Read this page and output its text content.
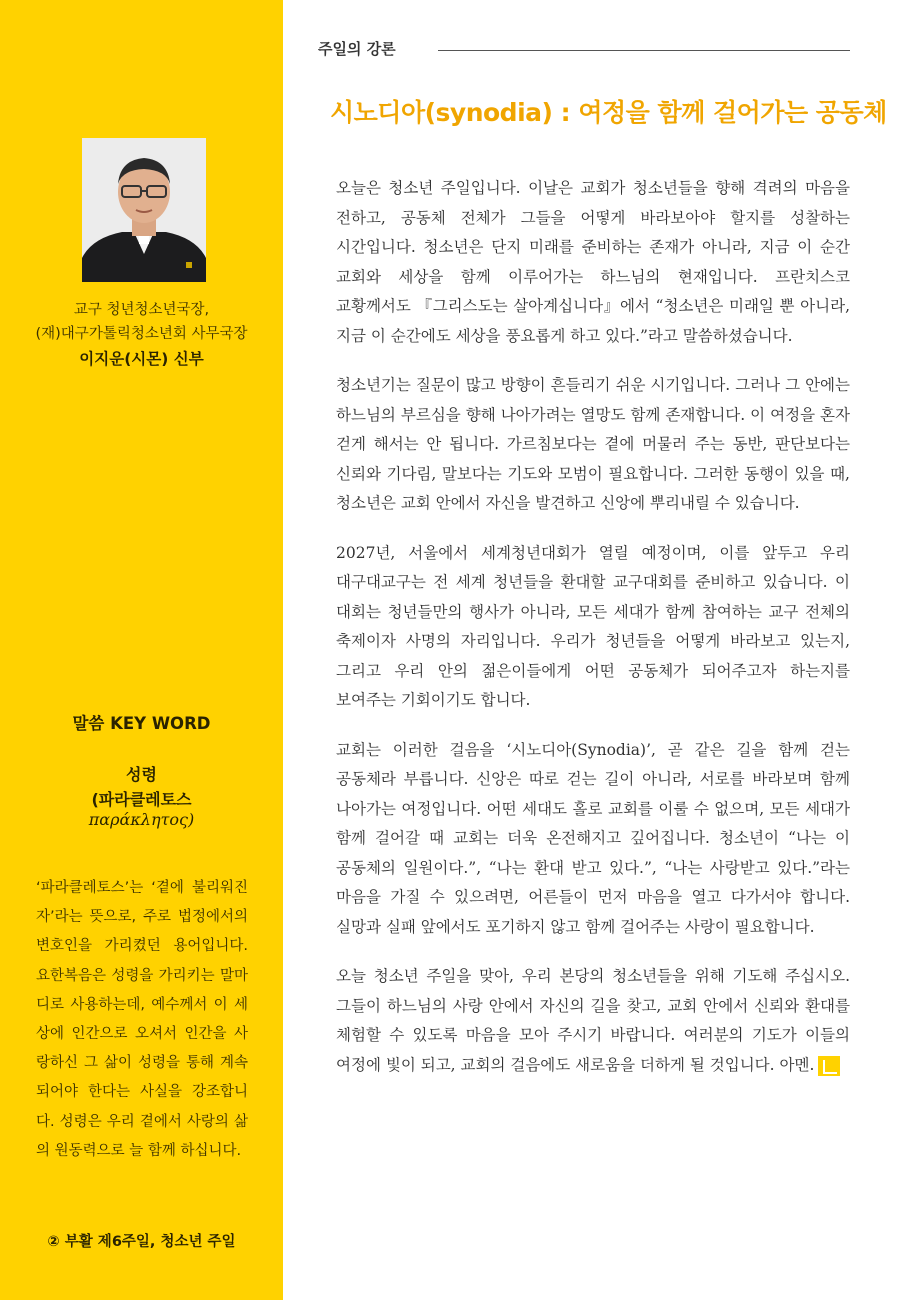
교구 청년청소년국장,
(재)대구가톨릭청소년회 사무국장
이지운(시몬) 신부
말씀 KEY WORD
성령
(파라클레토스
παράκλητος)
‘파라클레토스’는 ‘곁에 불리워진 자’라는 뜻으로, 주로 법정에서의 변호인을 가리켰던 용어입니다. 요한복음은 성령을 가리키는 말마디로 사용하는데, 예수께서 이 세상에 인간으로 오셔서 인간을 사랑하신 그 삶이 성령을 통해 계속되어야 한다는 사실을 강조합니다. 성령은 우리 곁에서 사랑의 삶의 원동력으로 늘 함께 하십니다.
② 부활 제6주일, 청소년 주일
주일의 강론
시노디아(synodia) : 여정을 함께 걸어가는 공동체

오늘은 청소년 주일입니다. 이날은 교회가 청소년들을 향해 격려의 마음을 전하고, 공동체 전체가 그들을 어떻게 바라보아야 할지를 성찰하는 시간입니다. 청소년은 단지 미래를 준비하는 존재가 아니라, 지금 이 순간 교회와 세상을 함께 이루어가는 하느님의 현재입니다. 프란치스코 교황께서도 『그리스도는 살아계십니다』에서 “청소년은 미래일 뿐 아니라, 지금 이 순간에도 세상을 풍요롭게 하고 있다.”라고 말씀하셨습니다.

청소년기는 질문이 많고 방향이 흔들리기 쉬운 시기입니다. 그러나 그 안에는 하느님의 부르심을 향해 나아가려는 열망도 함께 존재합니다. 이 여정을 혼자 걷게 해서는 안 됩니다. 가르침보다는 곁에 머물러 주는 동반, 판단보다는 신뢰와 기다림, 말보다는 기도와 모범이 필요합니다. 그러한 동행이 있을 때, 청소년은 교회 안에서 자신을 발견하고 신앙에 뿌리내릴 수 있습니다.

2027년, 서울에서 세계청년대회가 열릴 예정이며, 이를 앞두고 우리 대구대교구는 전 세계 청년들을 환대할 교구대회를 준비하고 있습니다. 이 대회는 청년들만의 행사가 아니라, 모든 세대가 함께 참여하는 교구 전체의 축제이자 사명의 자리입니다. 우리가 청년들을 어떻게 바라보고 있는지, 그리고 우리 안의 젊은이들에게 어떤 공동체가 되어주고자 하는지를 보여주는 기회이기도 합니다.

교회는 이러한 걸음을 ‘시노디아(Synodia)’, 곧 같은 길을 함께 걷는 공동체라 부릅니다. 신앙은 따로 걷는 길이 아니라, 서로를 바라보며 함께 나아가는 여정입니다. 어떤 세대도 홀로 교회를 이룰 수 없으며, 모든 세대가 함께 걸어갈 때 교회는 더욱 온전해지고 깊어집니다. 청소년이 “나는 이 공동체의 일원이다.”, “나는 환대 받고 있다.”, “나는 사랑받고 있다.”라는 마음을 가질 수 있으려면, 어른들이 먼저 마음을 열고 다가서야 합니다. 실망과 실패 앞에서도 포기하지 않고 함께 걸어주는 사랑이 필요합니다.

오늘 청소년 주일을 맞아, 우리 본당의 청소년들을 위해 기도해 주십시오. 그들이 하느님의 사랑 안에서 자신의 길을 찾고, 교회 안에서 신뢰와 환대를 체험할 수 있도록 마음을 모아 주시기 바랍니다. 여러분의 기도가 이들의 여정에 빛이 되고, 교회의 걸음에도 새로움을 더하게 될 것입니다. 아멘.
